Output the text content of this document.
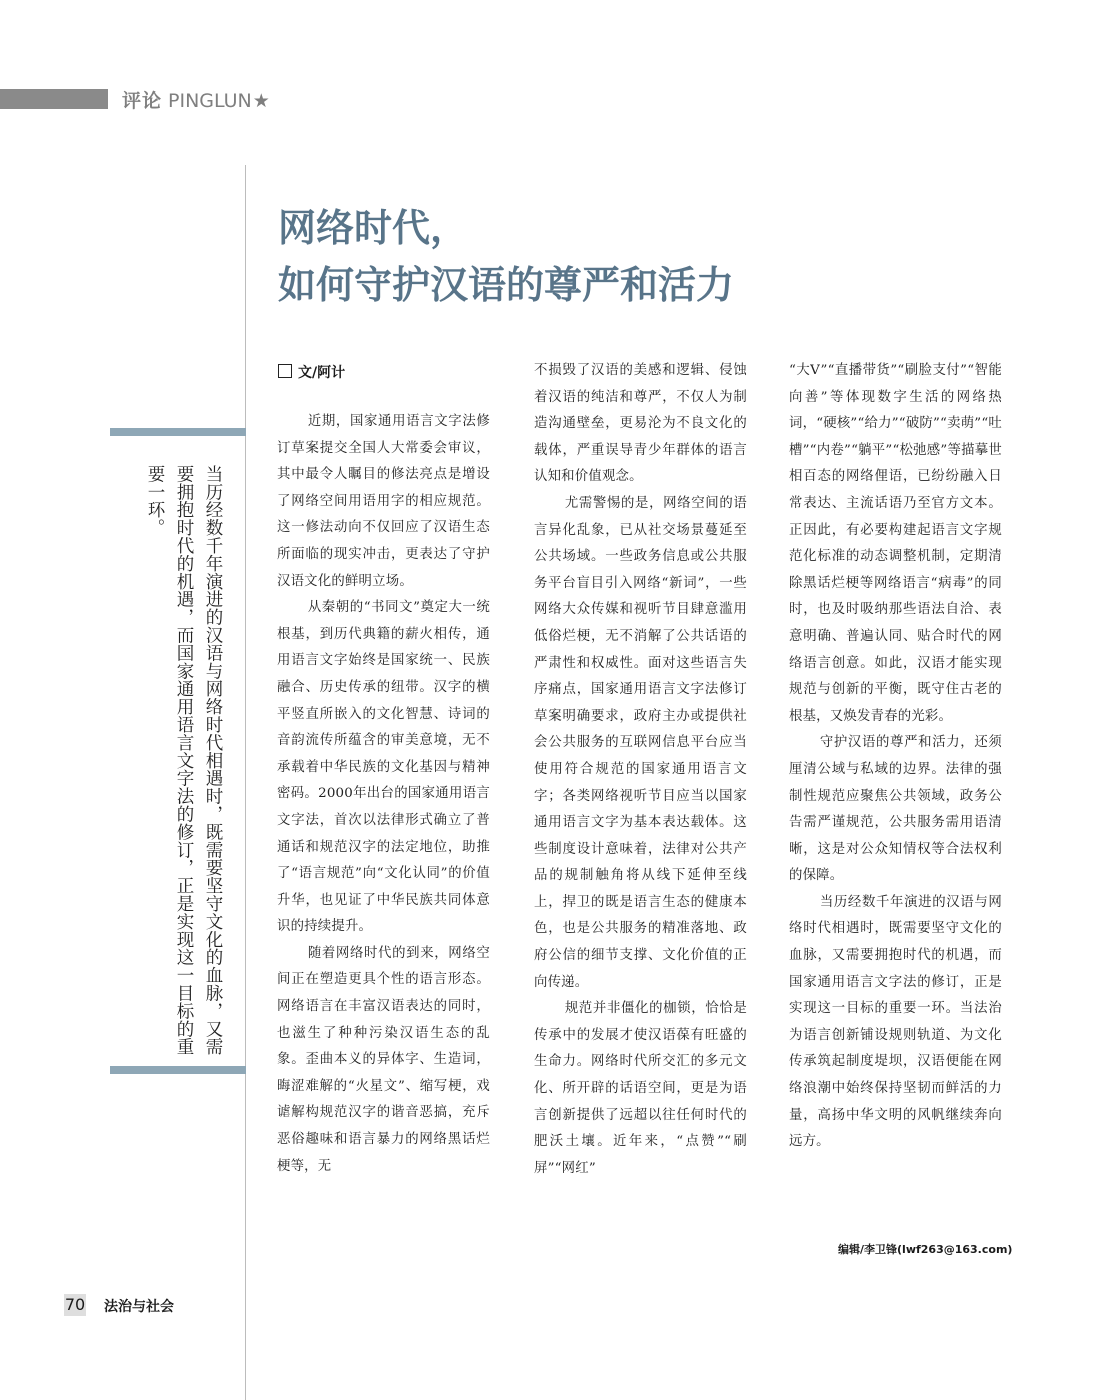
评论 PINGLUN★
网络时代，
如何守护汉语的尊严和活力
文/阿计
当历经数千年演进的汉语与网络时代相遇时，既需要坚守文化的血脉，又需要拥抱时代的机遇，而国家通用语言文字法的修订，正是实现这一目标的重要一环。

近期，国家通用语言文字法修订草案提交全国人大常委会审议，其中最令人瞩目的修法亮点是增设了网络空间用语用字的相应规范。这一修法动向不仅回应了汉语生态所面临的现实冲击，更表达了守护汉语文化的鲜明立场。

从秦朝的“书同文”奠定大一统根基，到历代典籍的薪火相传，通用语言文字始终是国家统一、民族融合、历史传承的纽带。汉字的横平竖直所嵌入的文化智慧、诗词的音韵流传所蕴含的审美意境，无不承载着中华民族的文化基因与精神密码。2000年出台的国家通用语言文字法，首次以法律形式确立了普通话和规范汉字的法定地位，助推了“语言规范”向“文化认同”的价值升华，也见证了中华民族共同体意识的持续提升。

随着网络时代的到来，网络空间正在塑造更具个性的语言形态。网络语言在丰富汉语表达的同时，也滋生了种种污染汉语生态的乱象。歪曲本义的异体字、生造词，晦涩难解的“火星文”、缩写梗，戏谑解构规范汉字的谐音恶搞，充斥恶俗趣味和语言暴力的网络黑话烂梗等，无

不损毁了汉语的美感和逻辑、侵蚀着汉语的纯洁和尊严，不仅人为制造沟通壁垒，更易沦为不良文化的载体，严重误导青少年群体的语言认知和价值观念。

尤需警惕的是，网络空间的语言异化乱象，已从社交场景蔓延至公共场域。一些政务信息或公共服务平台盲目引入网络“新词”，一些网络大众传媒和视听节目肆意滥用低俗烂梗，无不消解了公共话语的严肃性和权威性。面对这些语言失序痛点，国家通用语言文字法修订草案明确要求，政府主办或提供社会公共服务的互联网信息平台应当使用符合规范的国家通用语言文字；各类网络视听节目应当以国家通用语言文字为基本表达载体。这些制度设计意味着，法律对公共产品的规制触角将从线下延伸至线上，捍卫的既是语言生态的健康本色，也是公共服务的精准落地、政府公信的细节支撑、文化价值的正向传递。

规范并非僵化的枷锁，恰恰是传承中的发展才使汉语葆有旺盛的生命力。网络时代所交汇的多元文化、所开辟的话语空间，更是为语言创新提供了远超以往任何时代的肥沃土壤。近年来，“点赞”“刷屏”“网红”

“大V”“直播带货”“刷脸支付”“智能向善”等体现数字生活的网络热词，“硬核”“给力”“破防”“卖萌”“吐槽”“内卷”“躺平”“松弛感”等描摹世相百态的网络俚语，已纷纷融入日常表达、主流话语乃至官方文本。正因此，有必要构建起语言文字规范化标准的动态调整机制，定期清除黑话烂梗等网络语言“病毒”的同时，也及时吸纳那些语法自洽、表意明确、普遍认同、贴合时代的网络语言创意。如此，汉语才能实现规范与创新的平衡，既守住古老的根基，又焕发青春的光彩。

守护汉语的尊严和活力，还须厘清公域与私域的边界。法律的强制性规范应聚焦公共领域，政务公告需严谨规范，公共服务需用语清晰，这是对公众知情权等合法权利的保障。

当历经数千年演进的汉语与网络时代相遇时，既需要坚守文化的血脉，又需要拥抱时代的机遇，而国家通用语言文字法的修订，正是实现这一目标的重要一环。当法治为语言创新铺设规则轨道、为文化传承筑起制度堤坝，汉语便能在网络浪潮中始终保持坚韧而鲜活的力量，高扬中华文明的风帆继续奔向远方。

编辑/李卫锋(lwf263@163.com)
70 法治与社会
